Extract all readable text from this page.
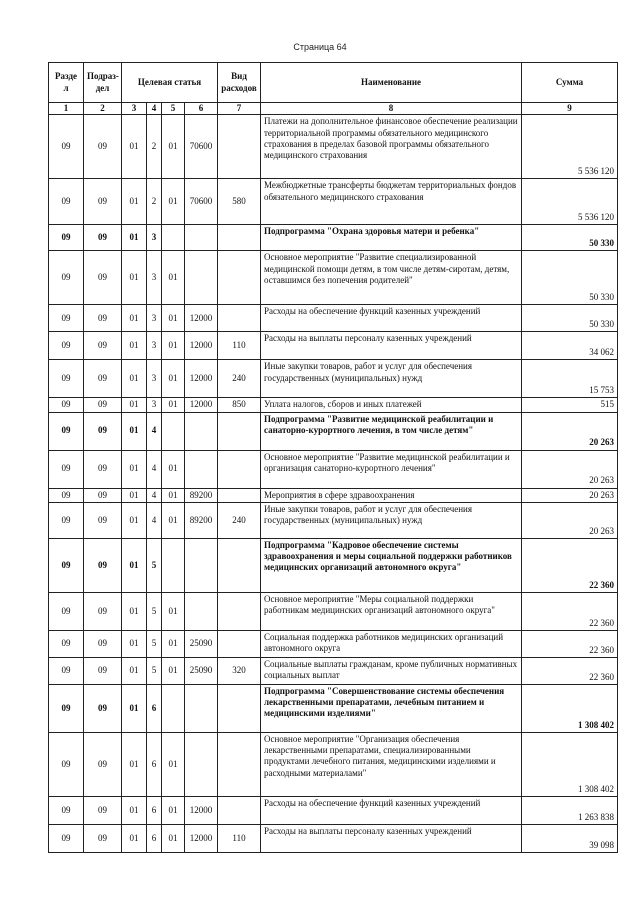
Страница 64
Разде л	Подраз- дел	Целевая статья				Вид расходов	Наименование	Сумма
1	2	3	4	5	6	7	8	9
09	09	01	2	01	70600		Платежи на дополнительное финансовое обеспечение реализации территориальной программы обязательного медицинского страхования в пределах базовой программы обязательного медицинского страхования	5 536 120
09	09	01	2	01	70600	580	Межбюджетные трансферты бюджетам территориальных фондов обязательного медицинского страхования	5 536 120
09	09	01	3				Подпрограмма "Охрана здоровья матери и ребенка"	50 330
09	09	01	3	01			Основное мероприятие "Развитие специализированной медицинской помощи детям, в том числе детям-сиротам, детям, оставшимся без попечения родителей"	50 330
09	09	01	3	01	12000		Расходы на обеспечение функций казенных учреждений	50 330
09	09	01	3	01	12000	110	Расходы на выплаты персоналу казенных учреждений	34 062
09	09	01	3	01	12000	240	Иные закупки товаров, работ и услуг для обеспечения государственных (муниципальных) нужд	15 753
09	09	01	3	01	12000	850	Уплата налогов, сборов и иных платежей	515
09	09	01	4				Подпрограмма "Развитие медицинской реабилитации и санаторно-курортного лечения, в том числе детям"	20 263
09	09	01	4	01			Основное мероприятие "Развитие медицинской реабилитации и организация санаторно-курортного лечения"	20 263
09	09	01	4	01	89200		Мероприятия в сфере здравоохранения	20 263
09	09	01	4	01	89200	240	Иные закупки товаров, работ и услуг для обеспечения государственных (муниципальных) нужд	20 263
09	09	01	5				Подпрограмма "Кадровое обеспечение системы здравоохранения и меры социальной поддержки работников медицинских организаций автономного округа"	22 360
09	09	01	5	01			Основное мероприятие "Меры социальной поддержки работникам медицинских организаций автономного округа"	22 360
09	09	01	5	01	25090		Социальная поддержка работников медицинских организаций автономного округа	22 360
09	09	01	5	01	25090	320	Социальные выплаты гражданам, кроме публичных нормативных социальных выплат	22 360
09	09	01	6				Подпрограмма "Совершенствование системы обеспечения лекарственными препаратами, лечебным питанием и медицинскими изделиями"	1 308 402
09	09	01	6	01			Основное мероприятие "Организация обеспечения лекарственными препаратами, специализированными продуктами лечебного питания, медицинскими изделиями и расходными материалами"	1 308 402
09	09	01	6	01	12000		Расходы на обеспечение функций казенных учреждений	1 263 838
09	09	01	6	01	12000	110	Расходы на выплаты персоналу казенных учреждений	39 098
